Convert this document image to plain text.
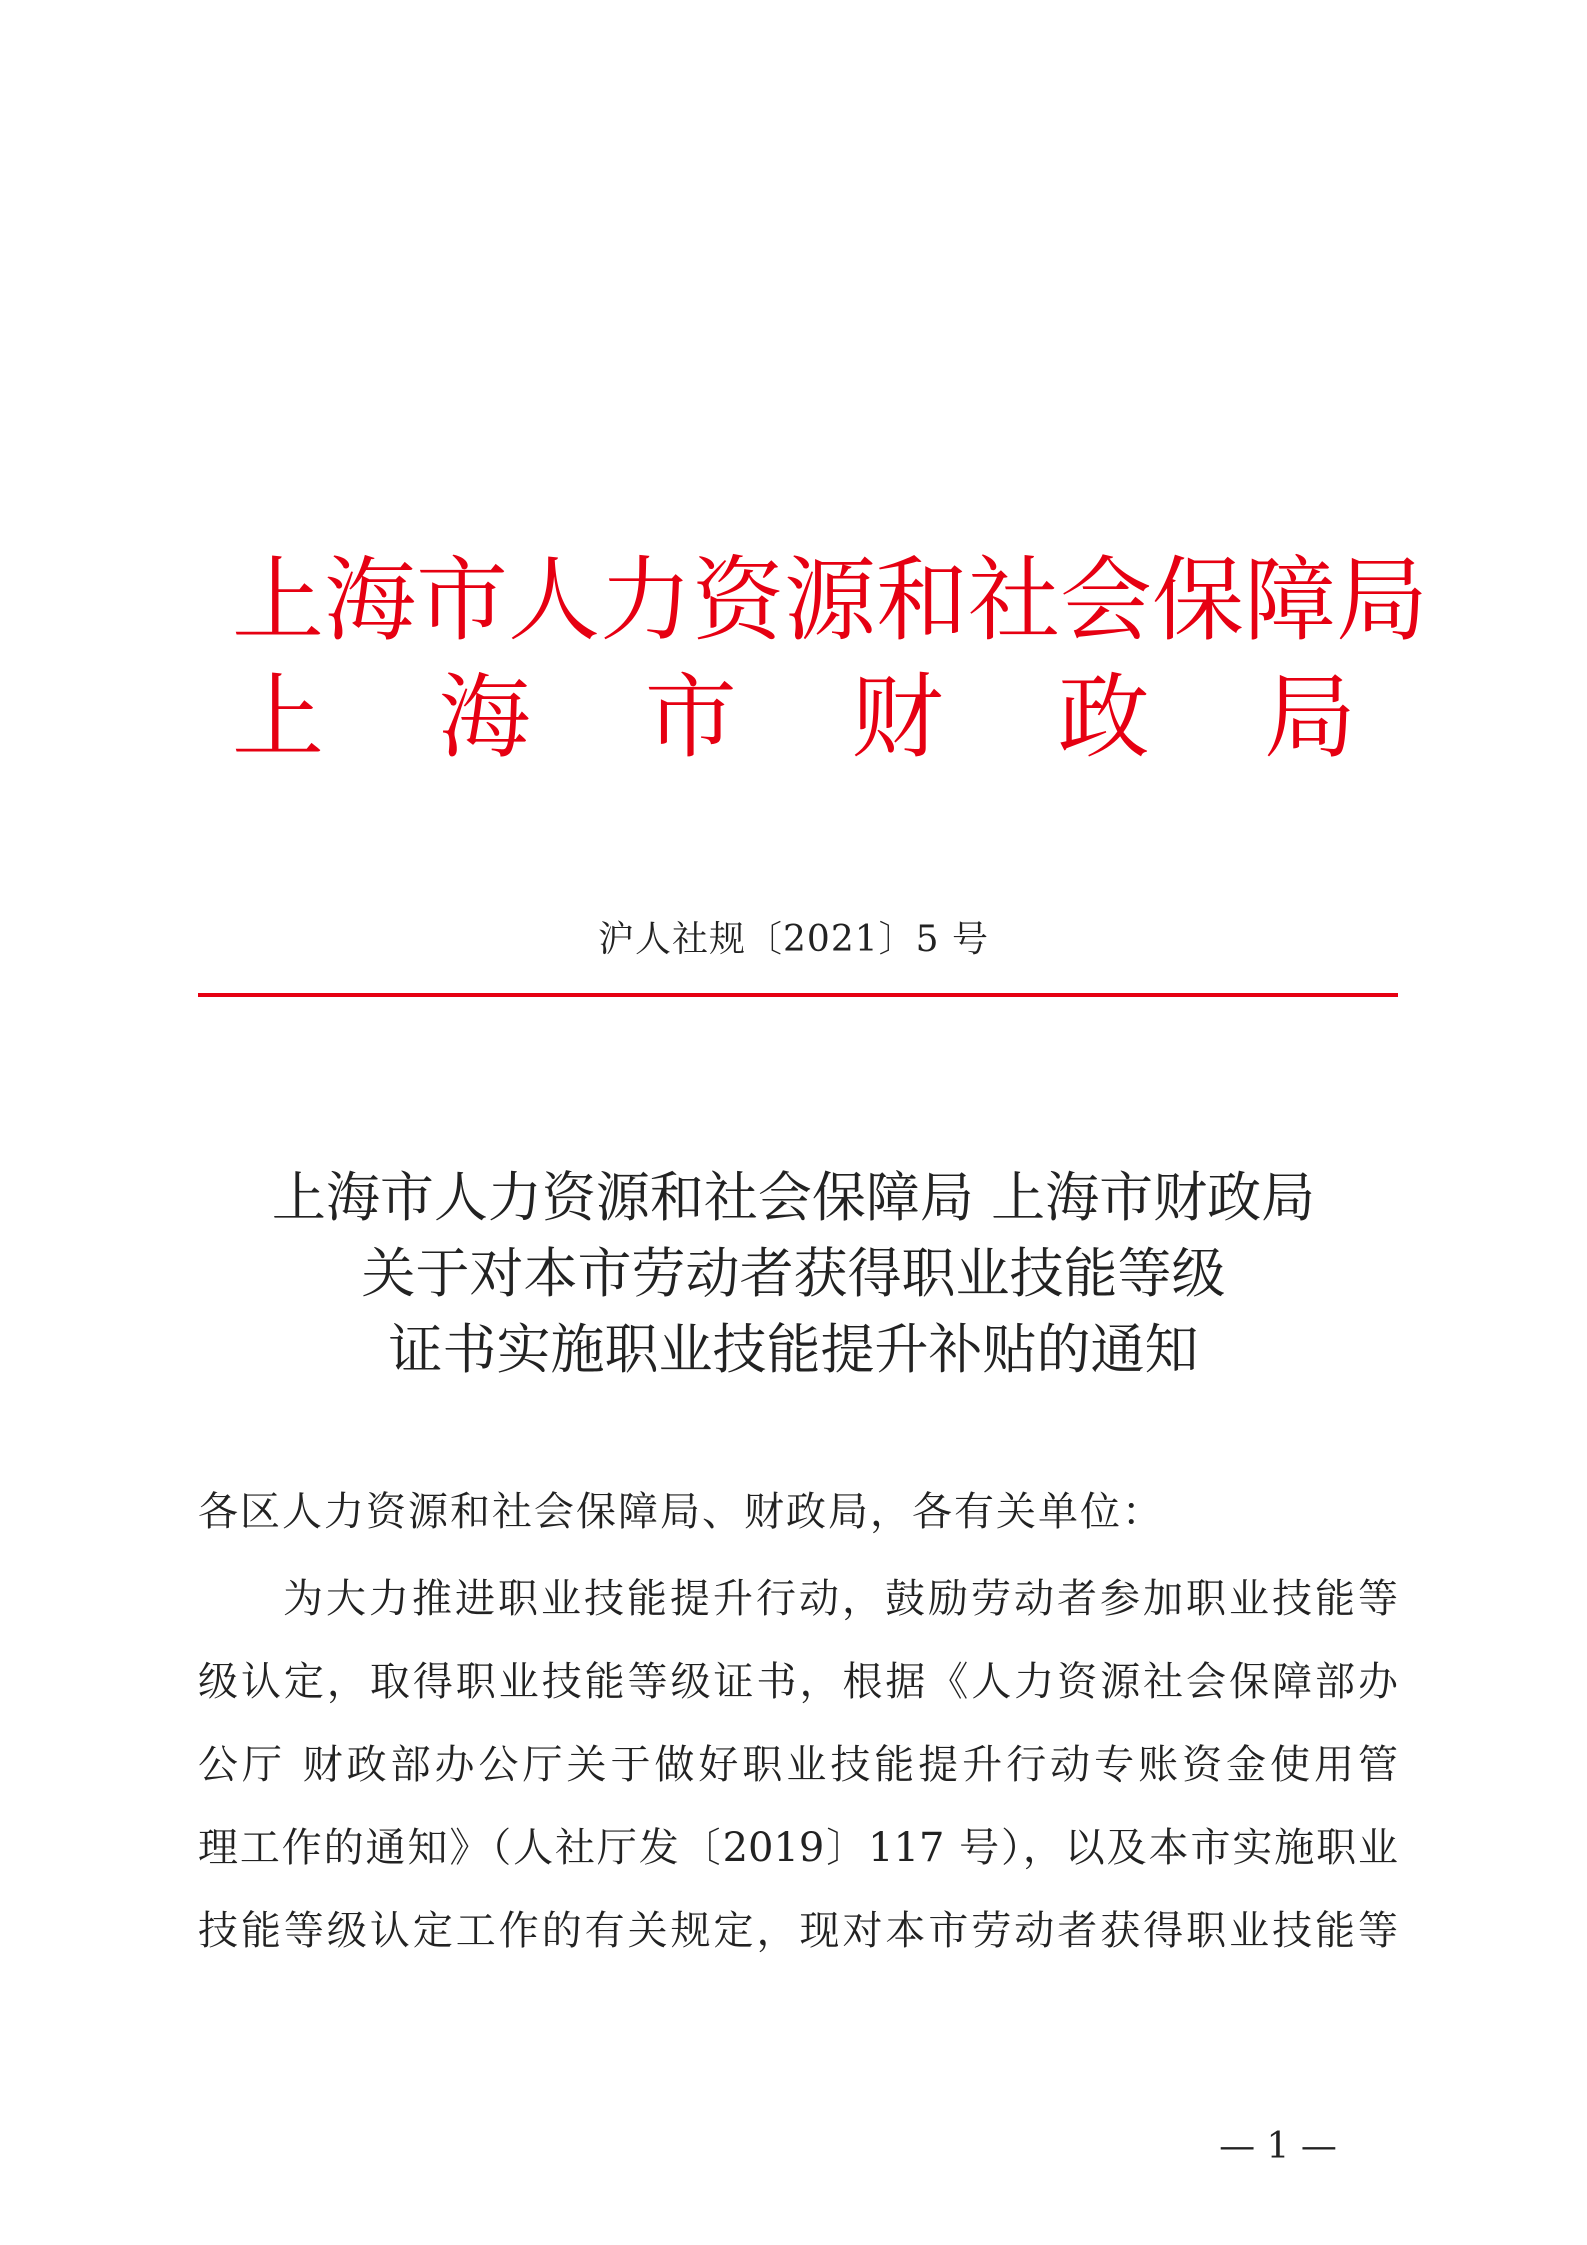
上海市人力资源和社会保障局
上 海 市 财 政 局
沪人社规〔2021〕5 号
上海市人力资源和社会保障局 上海市财政局
关于对本市劳动者获得职业技能等级
证书实施职业技能提升补贴的通知
各区人力资源和社会保障局、财政局，各有关单位：
为大力推进职业技能提升行动，鼓励劳动者参加职业技能等
级认定，取得职业技能等级证书，根据《人力资源社会保障部办
公厅 财政部办公厅关于做好职业技能提升行动专账资金使用管
理工作的通知》（人社厅发〔2019〕117 号），以及本市实施职业
技能等级认定工作的有关规定，现对本市劳动者获得职业技能等
— 1 —
